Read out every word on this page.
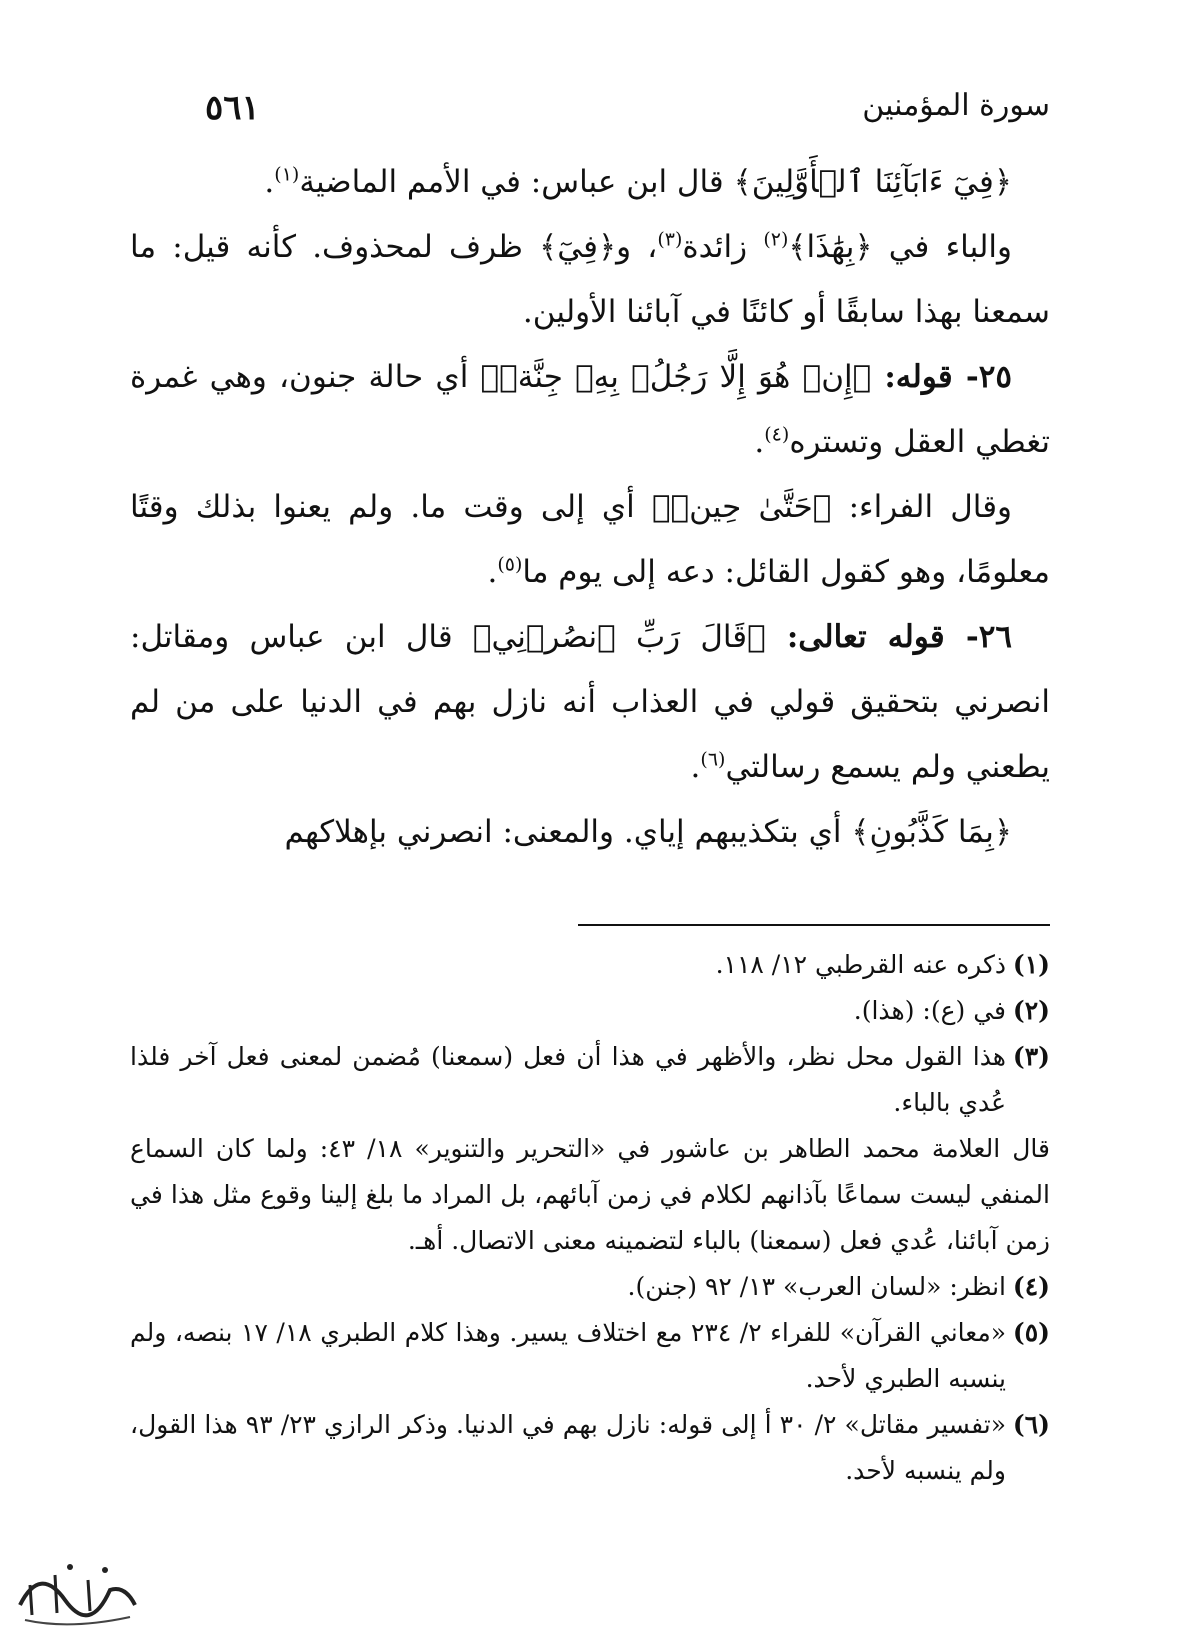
سورة المؤمنين
٥٦١

﴿فِيٓ ءَابَآئِنَا ٱلۡأَوَّلِينَ﴾ قال ابن عباس: في الأمم الماضية$^{(١)}$.

والباء في ﴿بِهَٰذَا﴾$^{(٢)}$ زائدة$^{(٣)}$، و﴿فِيٓ﴾ ظرف لمحذوف. كأنه قيل: ما سمعنا بهذا سابقًا أو كائنًا في آبائنا الأولين.

٢٥- قوله: ﴿إِنۡ هُوَ إِلَّا رَجُلُۢ بِهِۦ جِنَّةٞ﴾ أي حالة جنون، وهي غمرة تغطي العقل وتستره$^{(٤)}$.

وقال الفراء: ﴿حَتَّىٰ حِينٖ﴾ أي إلى وقت ما. ولم يعنوا بذلك وقتًا معلومًا، وهو كقول القائل: دعه إلى يوم ما$^{(٥)}$.

٢٦- قوله تعالى: ﴿قَالَ رَبِّ ٱنصُرۡنِي﴾ قال ابن عباس ومقاتل: انصرني بتحقيق قولي في العذاب أنه نازل بهم في الدنيا على من لم يطعني ولم يسمع رسالتي$^{(٦)}$.

﴿بِمَا كَذَّبُونِ﴾ أي بتكذيبهم إياي. والمعنى: انصرني بإهلاكهم

(١)
ذكره عنه القرطبي ١٢/ ١١٨.
(٢)
في (ع): (هذا).
(٣)
هذا القول محل نظر، والأظهر في هذا أن فعل (سمعنا) مُضمن لمعنى فعل آخر فلذا عُدي بالباء.

قال العلامة محمد الطاهر بن عاشور في «التحرير والتنوير» ١٨/ ٤٣: ولما كان السماع المنفي ليست سماعًا بآذانهم لكلام في زمن آبائهم، بل المراد ما بلغ إلينا وقوع مثل هذا في زمن آبائنا، عُدي فعل (سمعنا) بالباء لتضمينه معنى الاتصال. أهـ.

(٤)
انظر: «لسان العرب» ١٣/ ٩٢ (جنن).
(٥)
«معاني القرآن» للفراء ٢/ ٢٣٤ مع اختلاف يسير. وهذا كلام الطبري ١٨/ ١٧ بنصه، ولم ينسبه الطبري لأحد.
(٦)
«تفسير مقاتل» ٢/ ٣٠ أ إلى قوله: نازل بهم في الدنيا. وذكر الرازي ٢٣/ ٩٣ هذا القول، ولم ينسبه لأحد.
